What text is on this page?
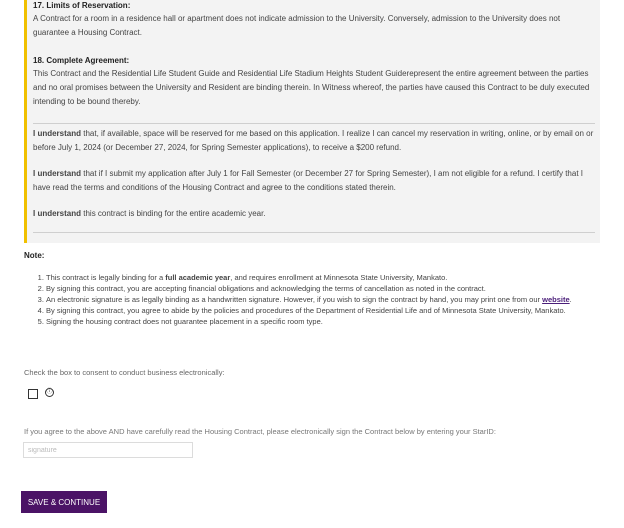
17. Limits of Reservation:

A Contract for a room in a residence hall or apartment does not indicate admission to the University. Conversely, admission to the University does not guarantee a Housing Contract.

18. Complete Agreement:

This Contract and the Residential Life Student Guide and Residential Life Stadium Heights Student Guiderepresent the entire agreement between the parties and no oral promises between the University and Resident are binding therein. In Witness whereof, the parties have caused this Contract to be duly executed intending to be bound thereby.

I understand that, if available, space will be reserved for me based on this application. I realize I can cancel my reservation in writing, online, or by email on or before July 1, 2024 (or December 27, 2024, for Spring Semester applications), to receive a $200 refund.

I understand that if I submit my application after July 1 for Fall Semester (or December 27 for Spring Semester), I am not eligible for a refund. I certify that I have read the terms and conditions of the Housing Contract and agree to the conditions stated therein.

I understand this contract is binding for the entire academic year.

Note:
1. This contract is legally binding for a full academic year, and requires enrollment at Minnesota State University, Mankato.
2. By signing this contract, you are accepting financial obligations and acknowledging the terms of cancellation as noted in the contract.
3. An electronic signature is as legally binding as a handwritten signature. However, if you wish to sign the contract by hand, you may print one from our website.
4. By signing this contract, you agree to abide by the policies and procedures of the Department of Residential Life and of Minnesota State University, Mankato.
5. Signing the housing contract does not guarantee placement in a specific room type.
Check the box to consent to conduct business electronically:
ⓘ
If you agree to the above AND have carefully read the Housing Contract, please electronically sign the Contract below by entering your StarID:
signature
SAVE & CONTINUE
